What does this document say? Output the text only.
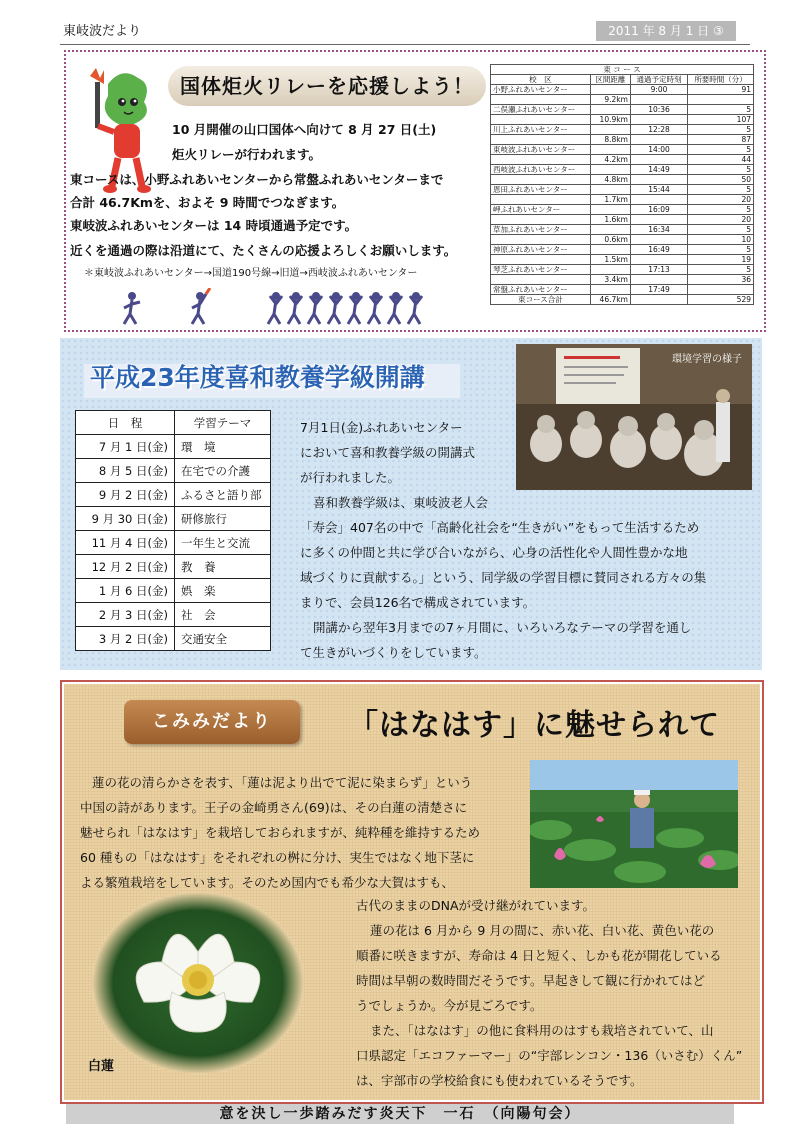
東岐波だより	2011 年 8 月 1 日 ③
国体炬火リレーを応援しよう！
10 月開催の山口国体へ向けて 8 月 27 日(土)
炬火リレーが行われます。
東コースは、小野ふれあいセンターから常盤ふれあいセンターまで
合計 46.7Kmを、およそ 9 時間でつなぎます。
東岐波ふれあいセンターは 14 時頃通過予定です。
近くを通過の際は沿道にて、たくさんの応援よろしくお願いします。
＊東岐波ふれあいセンター→国道190号線→旧道→西岐波ふれあいセンター
東 コ ー ス			
校　区	区間距離	通過予定時刻	所要時間（分）
小野ふれあいセンター		9:00	91
	9.2km		
二俣瀬ふれあいセンター		10:36	5
	10.9km		107
川上ふれあいセンター		12:28	5
	8.8km		87
東岐波ふれあいセンター		14:00	5
	4.2km		44
西岐波ふれあいセンター		14:49	5
	4.8km		50
恩田ふれあいセンター		15:44	5
	1.7km		20
岬ふれあいセンター		16:09	5
	1.6km		20
草加ふれあいセンター		16:34	5
	0.6km		10
神原ふれあいセンター		16:49	5
	1.5km		19
琴芝ふれあいセンター		17:13	5
	3.4km		36
常盤ふれあいセンター		17:49	
東コース合計	46.7km		529
平成23年度喜和教養学級開講
環境学習の様子
日　程	学習テーマ
7 月 1 日(金)	環　境
8 月 5 日(金)	在宅での介護
9 月 2 日(金)	ふるさと語り部
9 月 30 日(金)	研修旅行
11 月 4 日(金)	一年生と交流
12 月 2 日(金)	教　養
1 月 6 日(金)	娯　楽
2 月 3 日(金)	社　会
3 月 2 日(金)	交通安全
7月1日(金)ふれあいセンター
において喜和教養学級の開講式
が行われました。
喜和教養学級は、東岐波老人会
「寿会」407名の中で「高齢化社会を“生きがい”をもって生活するため
に多くの仲間と共に学び合いながら、心身の活性化や人間性豊かな地
域づくりに貢献する。」という、同学級の学習目標に賛同される方々の集
まりで、会員126名で構成されています。
開講から翌年3月までの7ヶ月間に、いろいろなテーマの学習を通し
て生きがいづくりをしています。
こみみだより	「はなはす」に魅せられて
白蓮
蓮の花の清らかさを表す、「蓮は泥より出でて泥に染まらず」という
中国の詩があります。王子の金崎勇さん(69)は、その白蓮の清楚さに
魅せられ「はなはす」を栽培しておられますが、純粋種を維持するため
60 種もの「はなはす」をそれぞれの桝に分け、実生ではなく地下茎に
よる繁殖栽培をしています。そのため国内でも希少な大賀はすも、
古代のままのDNAが受け継がれています。
蓮の花は 6 月から 9 月の間に、赤い花、白い花、黄色い花の
順番に咲きますが、寿命は 4 日と短く、しかも花が開花している
時間は早朝の数時間だそうです。早起きして観に行かれてはど
うでしょうか。今が見ごろです。
また、「はなはす」の他に食料用のはすも栽培されていて、山
口県認定「エコファーマー」の“宇部レンコン・136（いさむ）くん”
は、宇部市の学校給食にも使われているそうです。
意を決し一歩踏みだす炎天下　一石　（向陽句会）
